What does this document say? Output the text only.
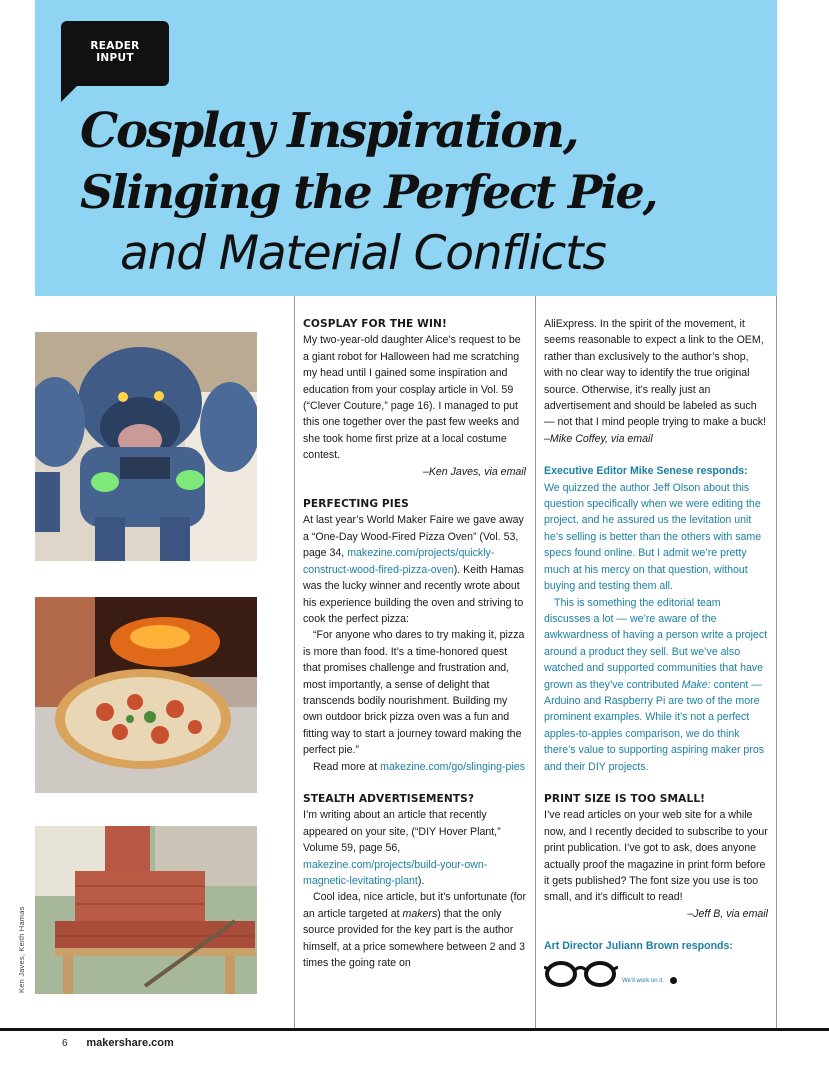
READER
INPUT
Cosplay Inspiration,
Slinging the Perfect Pie,
and Material Conflicts
Ken Javes, Keith Hamas
COSPLAY FOR THE WIN!

My two-year-old daughter Alice’s request to be a giant robot for Halloween had me scratching my head until I gained some inspiration and education from your cosplay article in Vol. 59 (“Clever Couture,” page 16). I managed to put this one together over the past few weeks and she took home first prize at a local costume contest.

–Ken Javes, via email

PERFECTING PIES

At last year’s World Maker Faire we gave away a “One-Day Wood-Fired Pizza Oven” (Vol. 53, page 34, makezine.com/projects/quickly-construct-wood-fired-pizza-oven). Keith Hamas was the lucky winner and recently wrote about his experience building the oven and striving to cook the perfect pizza:

“For anyone who dares to try making it, pizza is more than food. It’s a time-honored quest that promises challenge and frustration and, most importantly, a sense of delight that transcends bodily nourishment. Building my own outdoor brick pizza oven was a fun and fitting way to start a journey toward making the perfect pie.”

Read more at makezine.com/go/slinging-pies

STEALTH ADVERTISEMENTS?

I’m writing about an article that recently appeared on your site, (“DIY Hover Plant,” Volume 59, page 56, makezine.com/projects/build-your-own-magnetic-levitating-plant).

Cool idea, nice article, but it’s unfortunate (for an article targeted at makers) that the only source provided for the key part is the author himself, at a price somewhere between 2 and 3 times the going rate on

AliExpress. In the spirit of the movement, it seems reasonable to expect a link to the OEM, rather than exclusively to the author’s shop, with no clear way to identify the true original source. Otherwise, it’s really just an advertisement and should be labeled as such — not that I mind people trying to make a buck! –Mike Coffey, via email

Executive Editor Mike Senese responds:

We quizzed the author Jeff Olson about this question specifically when we were editing the project, and he assured us the levitation unit he’s selling is better than the others with same specs found online. But I admit we’re pretty much at his mercy on that question, without buying and testing them all.

This is something the editorial team discusses a lot — we’re aware of the awkwardness of having a person write a project around a product they sell. But we’ve also watched and supported communities that have grown as they’ve contributed Make: content — Arduino and Raspberry Pi are two of the more prominent examples. While it’s not a perfect apples-to-apples comparison, we do think there’s value to supporting aspiring maker pros and their DIY projects.

PRINT SIZE IS TOO SMALL!

I’ve read articles on your web site for a while now, and I recently decided to subscribe to your print publication. I’ve got to ask, does anyone actually proof the magazine in print form before it gets published? The font size you use is too small, and it’s difficult to read!

–Jeff B, via email

Art Director Juliann Brown responds:
We’ll work on it.
6 makershare.com
